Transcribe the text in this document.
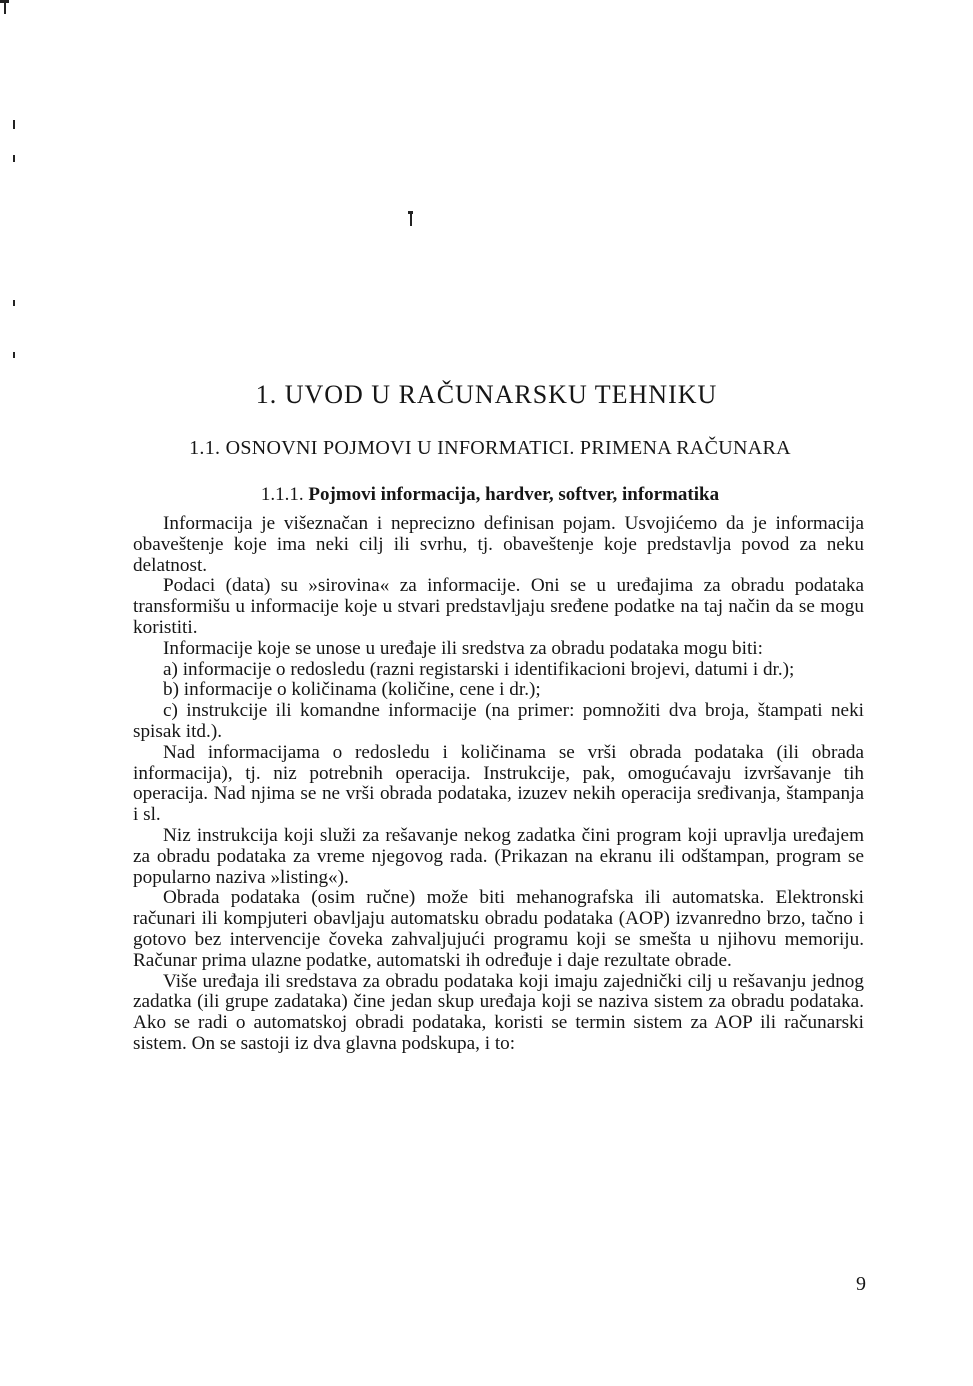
1. UVOD U RAČUNARSKU TEHNIKU
1.1. OSNOVNI POJMOVI U INFORMATICI. PRIMENA RAČUNARA
1.1.1. Pojmovi informacija, hardver, softver, informatika

Informacija je višeznačan i neprecizno definisan pojam. Usvojićemo da je informacija obaveštenje koje ima neki cilj ili svrhu, tj. obaveštenje koje predstavlja povod za neku delatnost.

Podaci (data) su »sirovina« za informacije. Oni se u uređajima za obradu podataka transformišu u informacije koje u stvari predstavljaju sređene podatke na taj način da se mogu koristiti.

Informacije koje se unose u uređaje ili sredstva za obradu podataka mogu biti:

a) informacije o redosledu (razni registarski i identifikacioni brojevi, datumi i dr.);

b) informacije o količinama (količine, cene i dr.);

c) instrukcije ili komandne informacije (na primer: pomnožiti dva broja, štampati neki spisak itd.).

Nad informacijama o redosledu i količinama se vrši obrada podataka (ili obrada informacija), tj. niz potrebnih operacija. Instrukcije, pak, omogućavaju izvršavanje tih operacija. Nad njima se ne vrši obrada podataka, izuzev nekih operacija sređivanja, štampanja i sl.

Niz instrukcija koji služi za rešavanje nekog zadatka čini program koji upravlja uređajem za obradu podataka za vreme njegovog rada. (Prikazan na ekranu ili odštampan, program se popularno naziva »listing«).

Obrada podataka (osim ručne) može biti mehanografska ili automatska. Elektronski računari ili kompjuteri obavljaju automatsku obradu podataka (AOP) izvanredno brzo, tačno i gotovo bez intervencije čoveka zahvaljujući programu koji se smešta u njihovu memoriju. Računar prima ulazne podatke, automatski ih određuje i daje rezultate obrade.

Više uređaja ili sredstava za obradu podataka koji imaju zajednički cilj u rešavanju jednog zadatka (ili grupe zadataka) čine jedan skup uređaja koji se naziva sistem za obradu podataka. Ako se radi o automatskoj obradi podataka, koristi se termin sistem za AOP ili računarski sistem. On se sastoji iz dva glavna podskupa, i to:

9
